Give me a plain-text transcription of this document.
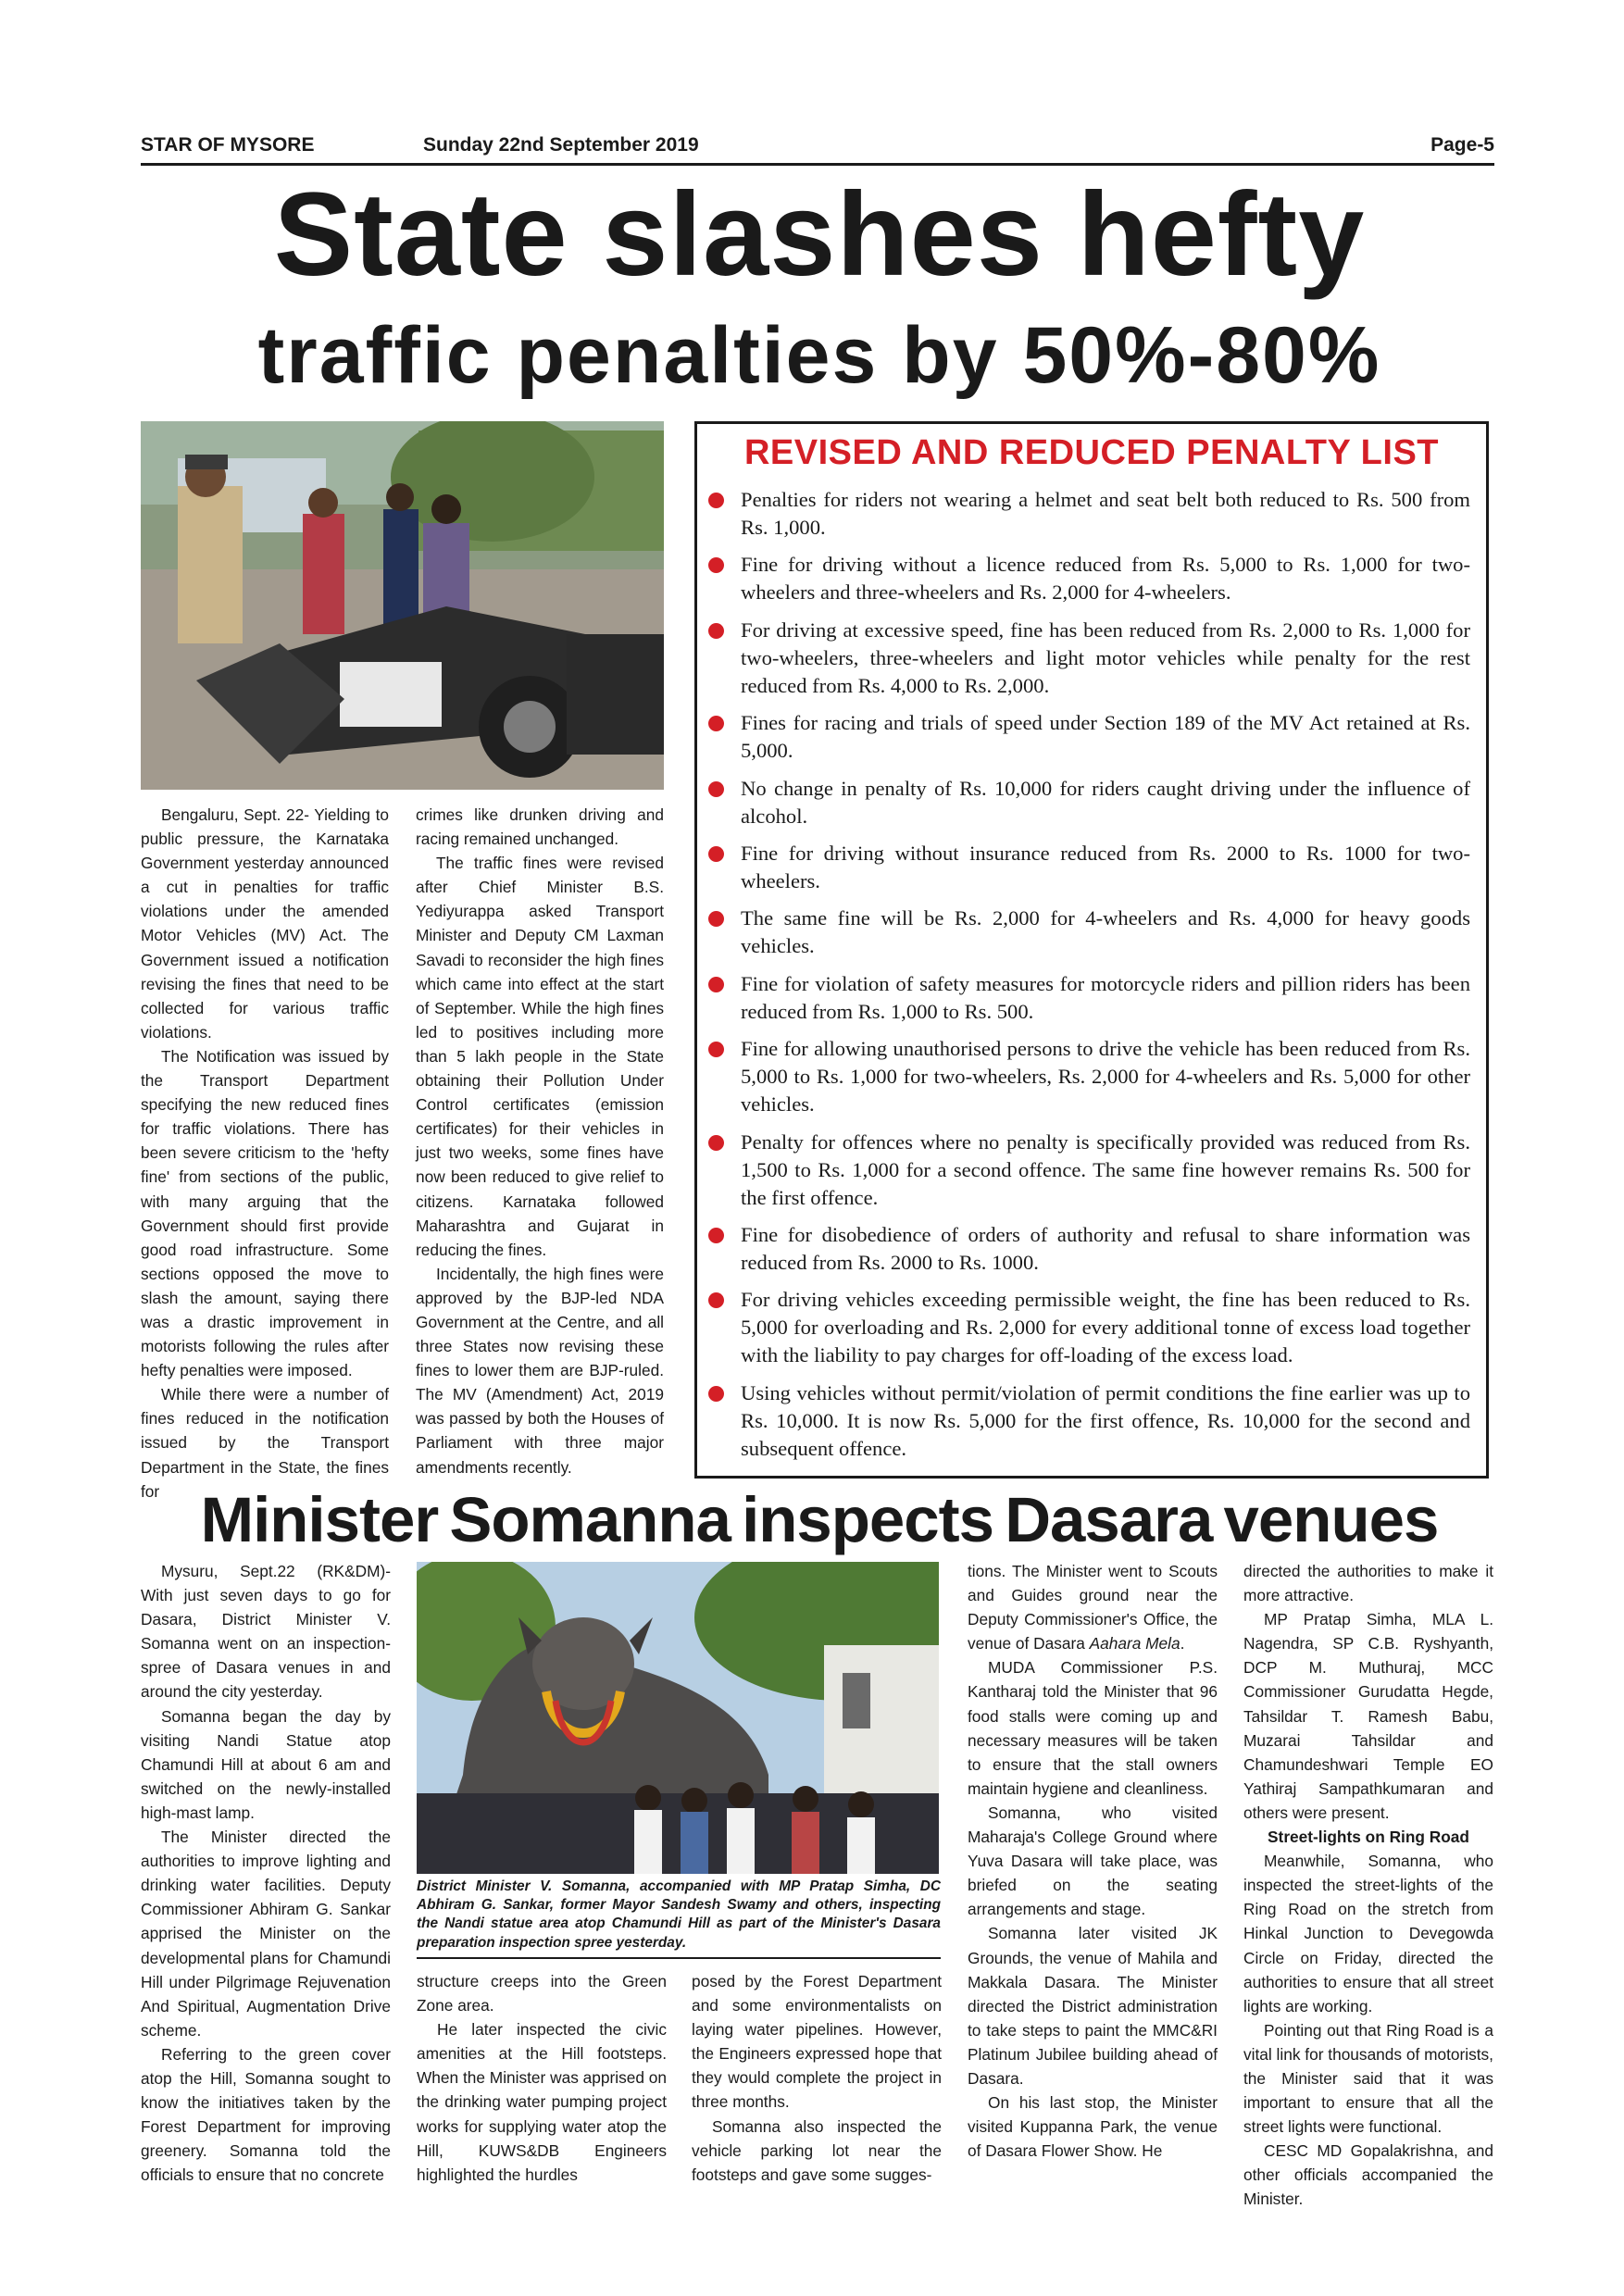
STAR OF MYSORE	Sunday 22nd September 2019	Page-5
State slashes hefty
traffic penalties by 50%-80%

Bengaluru, Sept. 22- Yielding to public pressure, the Karnataka Government yesterday announced a cut in penalties for traffic violations under the amended Motor Vehicles (MV) Act. The Government issued a notification revising the fines that need to be collected for various traffic violations.

The Notification was issued by the Transport Department specifying the new reduced fines for traffic violations. There has been severe criticism to the 'hefty fine' from sections of the public, with many arguing that the Government should first provide good road infrastructure. Some sections opposed the move to slash the amount, saying there was a drastic improvement in motorists following the rules after hefty penalties were imposed.

While there were a number of fines reduced in the notification issued by the Transport Department in the State, the fines for

crimes like drunken driving and racing remained unchanged.

The traffic fines were revised after Chief Minister B.S. Yediyurappa asked Transport Minister and Deputy CM Laxman Savadi to reconsider the high fines which came into effect at the start of September. While the high fines led to positives including more than 5 lakh people in the State obtaining their Pollution Under Control certificates (emission certificates) for their vehicles in just two weeks, some fines have now been reduced to give relief to citizens. Karnataka followed Maharashtra and Gujarat in reducing the fines.

Incidentally, the high fines were approved by the BJP-led NDA Government at the Centre, and all three States now revising these fines to lower them are BJP-ruled. The MV (Amendment) Act, 2019 was passed by both the Houses of Parliament with three major amendments recently.

REVISED AND REDUCED PENALTY LIST
Penalties for riders not wearing a helmet and seat belt both reduced to Rs. 500 from Rs. 1,000.
Fine for driving without a licence reduced from Rs. 5,000 to Rs. 1,000 for two-wheelers and three-wheelers and Rs. 2,000 for 4-wheelers.
For driving at excessive speed, fine has been reduced from Rs. 2,000 to Rs. 1,000 for two-wheelers, three-wheelers and light motor vehicles while penalty for the rest reduced from Rs. 4,000 to Rs. 2,000.
Fines for racing and trials of speed under Section 189 of the MV Act retained at Rs. 5,000.
No change in penalty of Rs. 10,000 for riders caught driving under the influence of alcohol.
Fine for driving without insurance reduced from Rs. 2000 to Rs. 1000 for two-wheelers.
The same fine will be Rs. 2,000 for 4-wheelers and Rs. 4,000 for heavy goods vehicles.
Fine for violation of safety measures for motorcycle riders and pillion riders has been reduced from Rs. 1,000 to Rs. 500.
Fine for allowing unauthorised persons to drive the vehicle has been reduced from Rs. 5,000 to Rs. 1,000 for two-wheelers, Rs. 2,000 for 4-wheelers and Rs. 5,000 for other vehicles.
Penalty for offences where no penalty is specifically provided was reduced from Rs. 1,500 to Rs. 1,000 for a second offence. The same fine however remains Rs. 500 for the first offence.
Fine for disobedience of orders of authority and refusal to share information was reduced from Rs. 2000 to Rs. 1000.
For driving vehicles exceeding permissible weight, the fine has been reduced to Rs. 5,000 for overloading and Rs. 2,000 for every additional tonne of excess load together with the liability to pay charges for off-loading of the excess load.
Using vehicles without permit/violation of permit conditions the fine earlier was up to Rs. 10,000. It is now Rs. 5,000 for the first offence, Rs. 10,000 for the second and subsequent offence.
Minister Somanna inspects Dasara venues
District Minister V. Somanna, accompanied with MP Pratap Simha, DC Abhiram G. Sankar, former Mayor Sandesh Swamy and others, inspecting the Nandi statue area atop Chamundi Hill as part of the Minister's Dasara preparation inspection spree yesterday.

Mysuru, Sept.22 (RK&DM)- With just seven days to go for Dasara, District Minister V. Somanna went on an inspection-spree of Dasara venues in and around the city yesterday.

Somanna began the day by visiting Nandi Statue atop Chamundi Hill at about 6 am and switched on the newly-installed high-mast lamp.

The Minister directed the authorities to improve lighting and drinking water facilities. Deputy Commissioner Abhiram G. Sankar apprised the Minister on the developmental plans for Chamundi Hill under Pilgrimage Rejuvenation And Spiritual, Augmentation Drive scheme.

Referring to the green cover atop the Hill, Somanna sought to know the initiatives taken by the Forest Department for improving greenery. Somanna told the officials to ensure that no concrete

structure creeps into the Green Zone area.

He later inspected the civic amenities at the Hill footsteps. When the Minister was apprised on the drinking water pumping project works for supplying water atop the Hill, KUWS&DB Engineers highlighted the hurdles

posed by the Forest Department and some environmentalists on laying water pipelines. However, the Engineers expressed hope that they would complete the project in three months.

Somanna also inspected the vehicle parking lot near the footsteps and gave some sugges-

tions. The Minister went to Scouts and Guides ground near the Deputy Commissioner's Office, the venue of Dasara Aahara Mela.

MUDA Commissioner P.S. Kantharaj told the Minister that 96 food stalls were coming up and necessary measures will be taken to ensure that the stall owners maintain hygiene and cleanliness.

Somanna, who visited Maharaja's College Ground where Yuva Dasara will take place, was briefed on the seating arrangements and stage.

Somanna later visited JK Grounds, the venue of Mahila and Makkala Dasara. The Minister directed the District administration to take steps to paint the MMC&RI Platinum Jubilee building ahead of Dasara.

On his last stop, the Minister visited Kuppanna Park, the venue of Dasara Flower Show. He

directed the authorities to make it more attractive.

MP Pratap Simha, MLA L. Nagendra, SP C.B. Ryshyanth, DCP M. Muthuraj, MCC Commissioner Gurudatta Hegde, Tahsildar T. Ramesh Babu, Muzarai Tahsildar and Chamundeshwari Temple EO Yathiraj Sampathkumaran and others were present.

Street-lights on Ring Road

Meanwhile, Somanna, who inspected the street-lights of the Ring Road on the stretch from Hinkal Junction to Devegowda Circle on Friday, directed the authorities to ensure that all street lights are working.

Pointing out that Ring Road is a vital link for thousands of motorists, the Minister said that it was important to ensure that all the street lights were functional.

CESC MD Gopalakrishna, and other officials accompanied the Minister.
